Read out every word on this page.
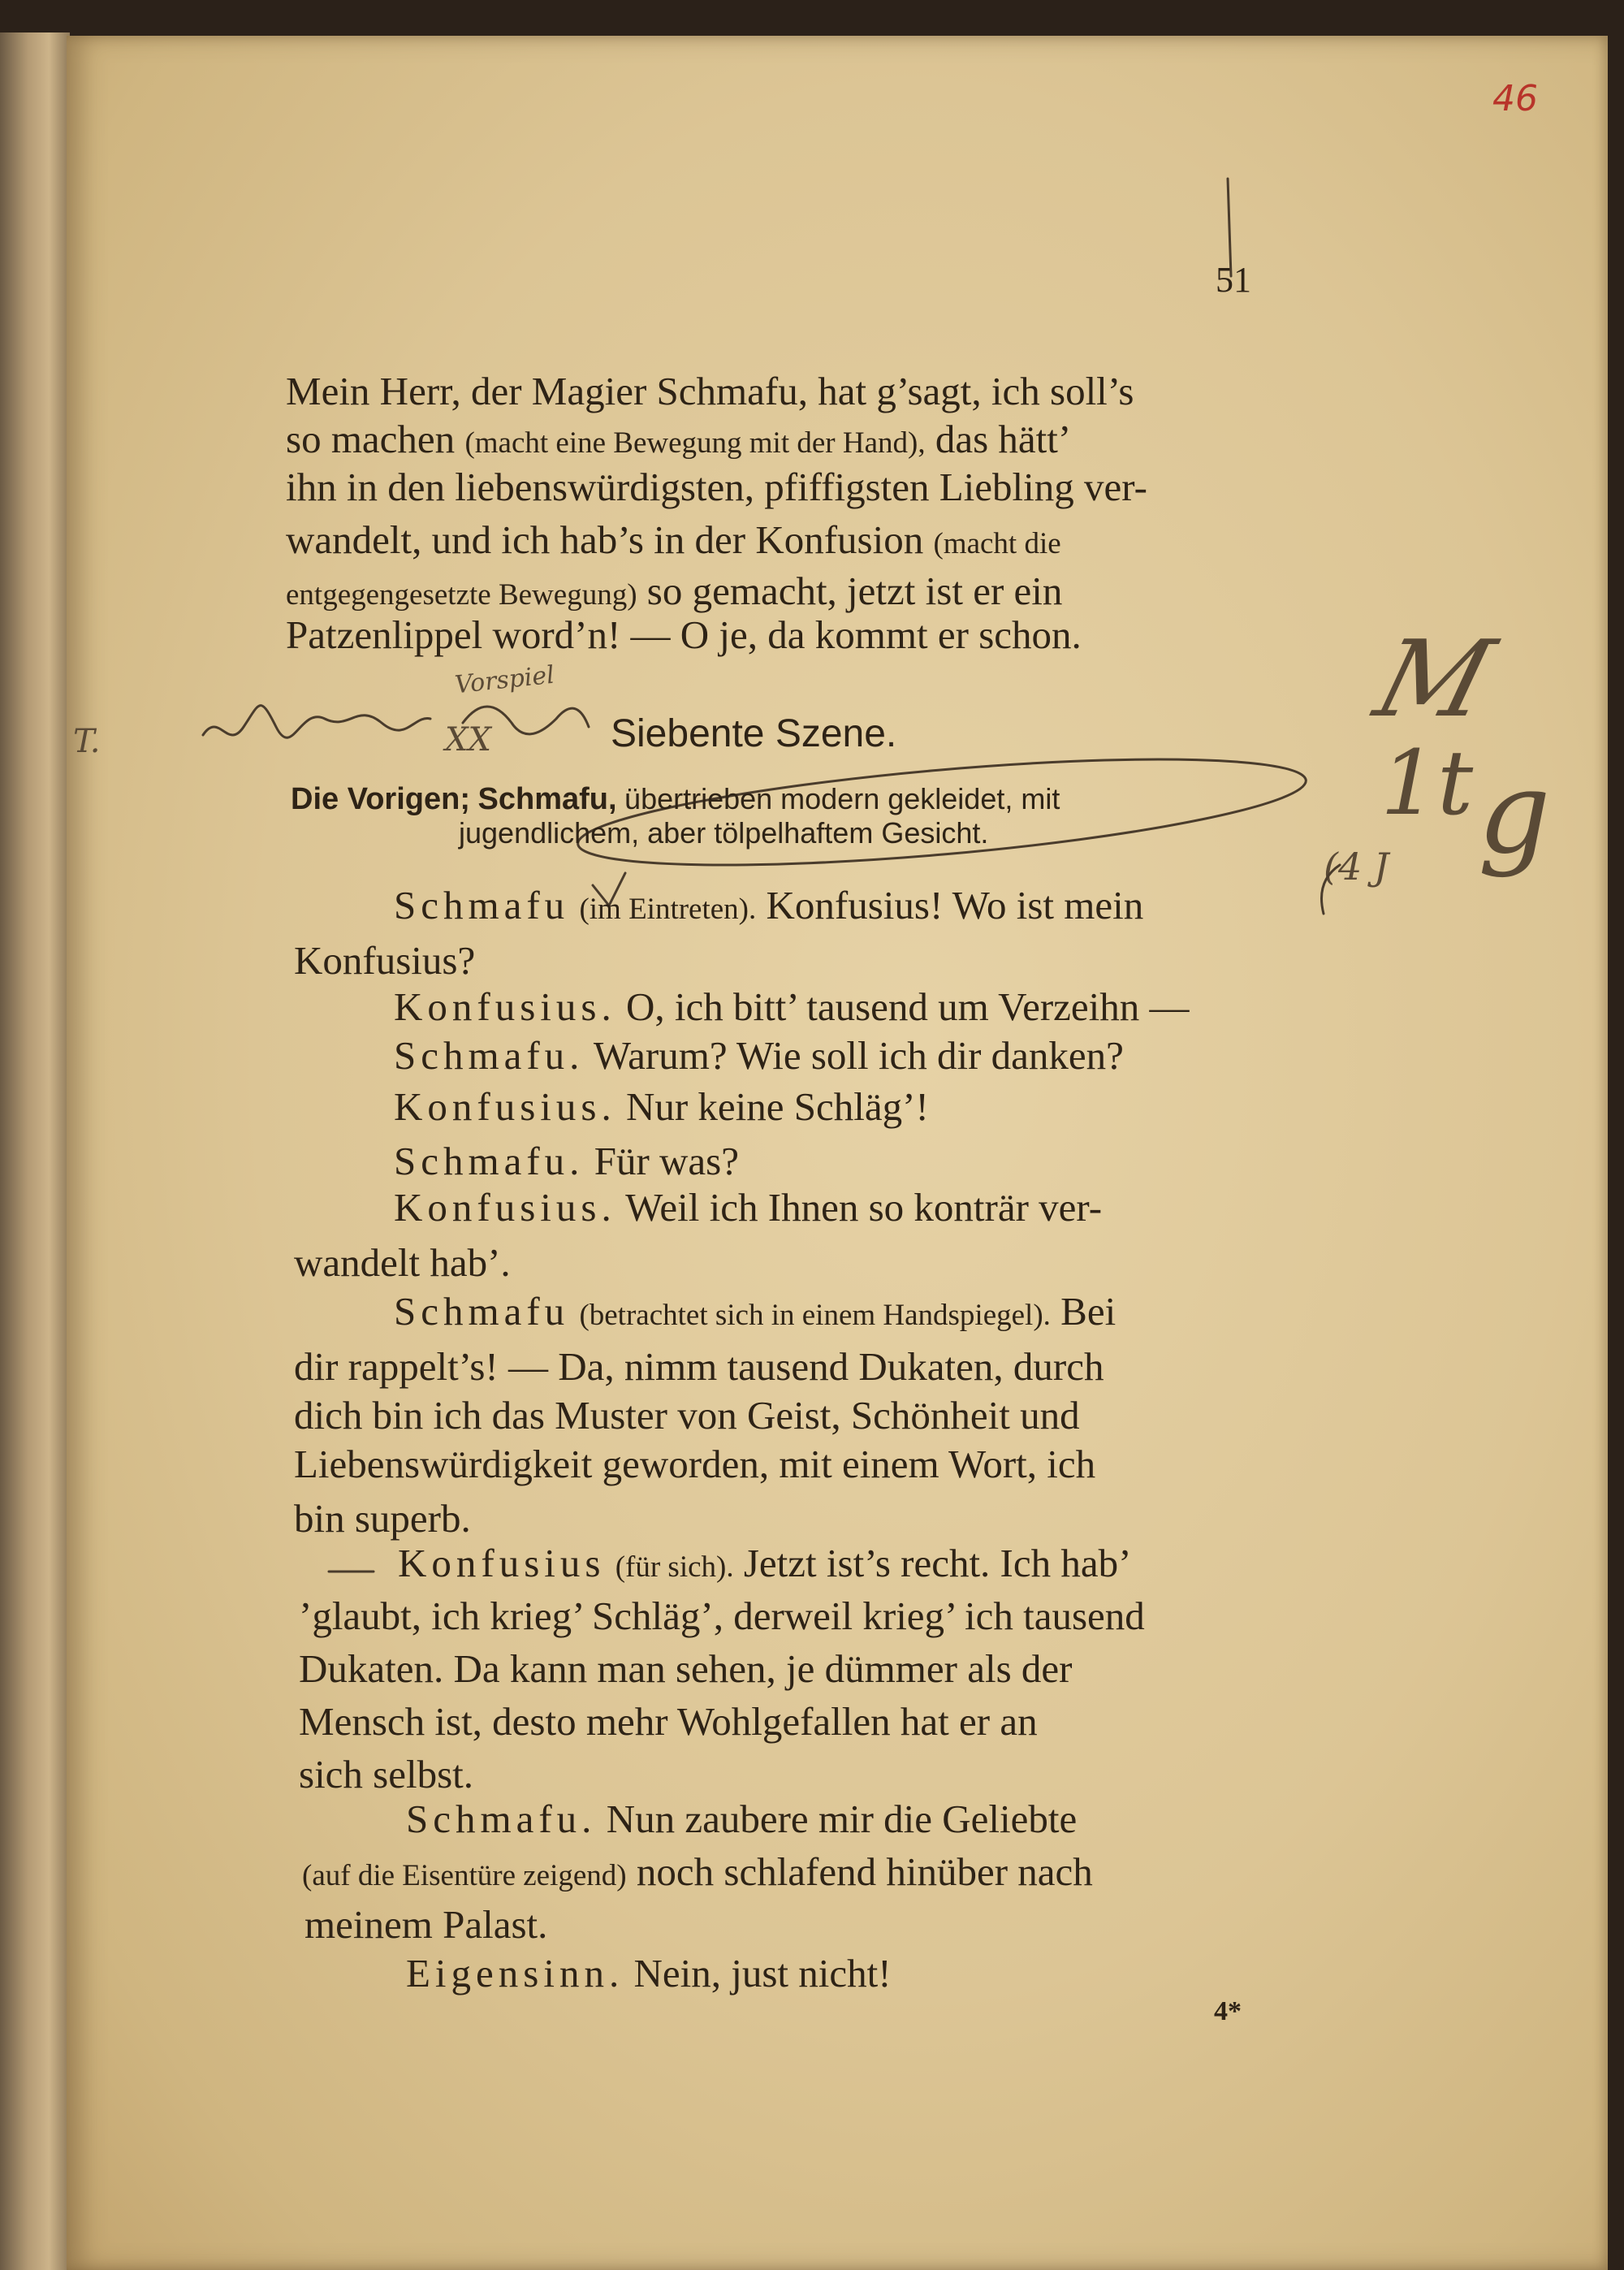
46
51
Mein Herr, der Magier Schmafu, hat g’sagt, ich soll’s
so machen (macht eine Bewegung mit der Hand), das hätt’
ihn in den liebenswürdigsten, pfiffigsten Liebling ver-
wandelt, und ich hab’s in der Konfusion (macht die
entgegengesetzte Bewegung) so gemacht, jetzt ist er ein
Patzenlippel word’n! — O je, da kommt er schon.
T.
Vorspiel
XX	M
1t g
(4 J
Siebente Szene.
Die Vorigen; Schmafu, übertrieben modern gekleidet, mit
jugendlichem, aber tölpelhaftem Gesicht.
Schmafu (im Eintreten). Konfusius! Wo ist mein
Konfusius?
Konfusius. O, ich bitt’ tausend um Verzeihn —
Schmafu. Warum? Wie soll ich dir danken?
Konfusius. Nur keine Schläg’!
Schmafu. Für was?
Konfusius. Weil ich Ihnen so konträr ver-
wandelt hab’.
Schmafu (betrachtet sich in einem Handspiegel). Bei
dir rappelt’s! — Da, nimm tausend Dukaten, durch
dich bin ich das Muster von Geist, Schönheit und
Liebenswürdigkeit geworden, mit einem Wort, ich
bin superb.
Konfusius (für sich). Jetzt ist’s recht. Ich hab’
’glaubt, ich krieg’ Schläg’, derweil krieg’ ich tausend
Dukaten. Da kann man sehen, je dümmer als der
Mensch ist, desto mehr Wohlgefallen hat er an
sich selbst.
Schmafu. Nun zaubere mir die Geliebte
(auf die Eisentüre zeigend) noch schlafend hinüber nach
meinem Palast.
Eigensinn. Nein, just nicht!
4*
